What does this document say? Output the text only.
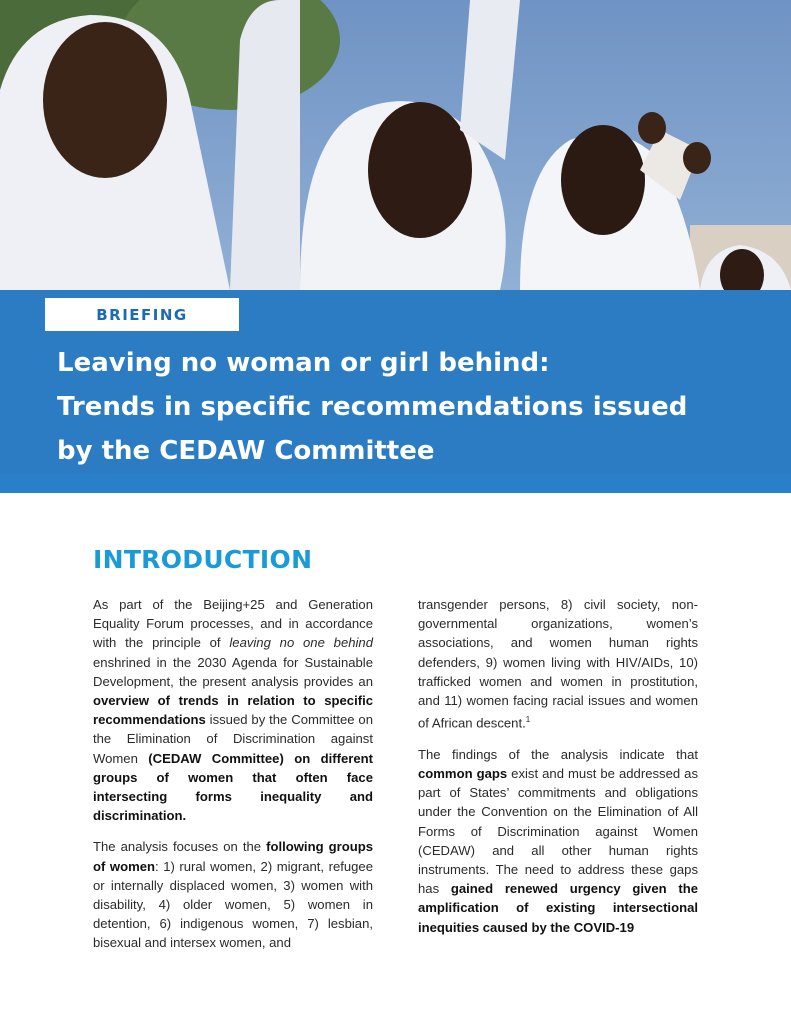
BRIEFING
Leaving no woman or girl behind:
Trends in specific recommendations issued
by the CEDAW Committee
INTRODUCTION

As part of the Beijing+25 and Generation Equality Forum processes, and in accordance with the principle of leaving no one behind enshrined in the 2030 Agenda for Sustainable Development, the present analysis provides an overview of trends in relation to specific recommendations issued by the Committee on the Elimination of Discrimination against Women (CEDAW Committee) on different groups of women that often face intersecting forms inequality and discrimination.

The analysis focuses on the following groups of women: 1) rural women, 2) migrant, refugee or internally displaced women, 3) women with disability, 4) older women, 5) women in detention, 6) indigenous women, 7) lesbian, bisexual and intersex women, and

transgender persons, 8) civil society, non-governmental organizations, women’s associations, and women human rights defenders, 9) women living with HIV/AIDs, 10) trafficked women and women in prostitution, and 11) women facing racial issues and women of African descent.$^1$

The findings of the analysis indicate that common gaps exist and must be addressed as part of States’ commitments and obligations under the Convention on the Elimination of All Forms of Discrimination against Women (CEDAW) and all other human rights instruments. The need to address these gaps has gained renewed urgency given the amplification of existing intersectional inequities caused by the COVID-19
